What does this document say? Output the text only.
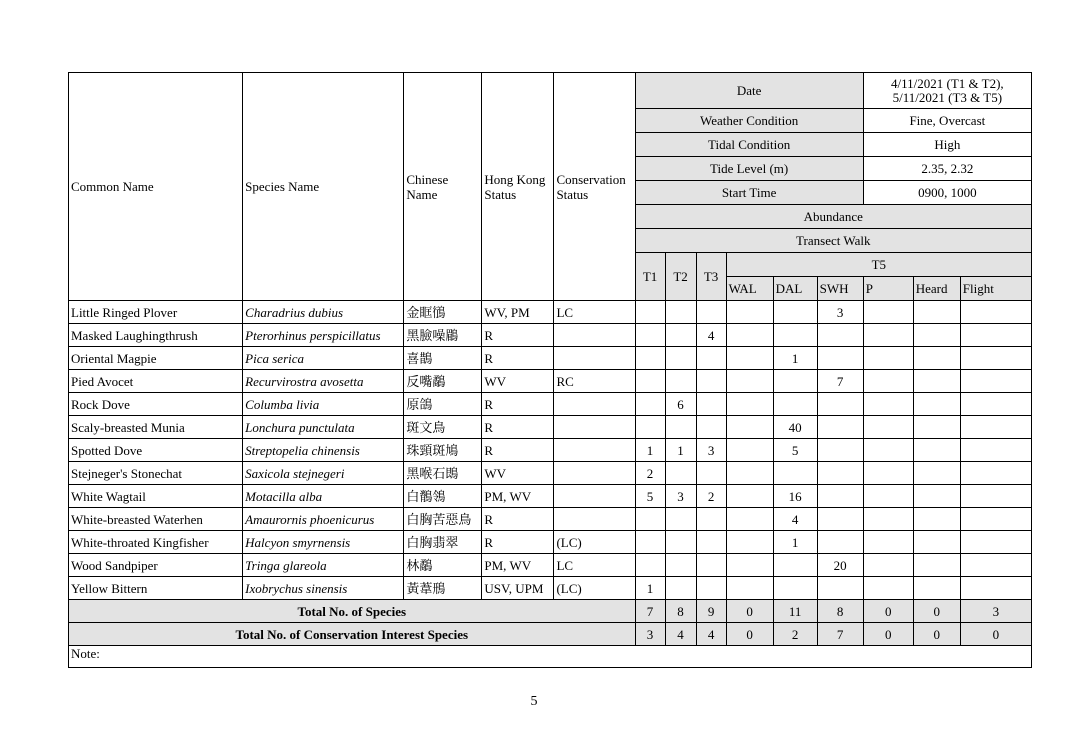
Common Name	Species Name	Chinese Name	Hong Kong Status	Conservation Status	Date						4/11/2021 (T1 & T2), 5/11/2021 (T3 & T5)		
					Weather Condition						Fine, Overcast		
					Tidal Condition						High		
					Tide Level (m)						2.35, 2.32		
					Start Time						0900, 1000		
					Abundance								
					Transect Walk								
					T1	T2	T3	T5					
								WAL	DAL	SWH	P	Heard	Flight
Little Ringed Plover	Charadrius dubius	金眶鴴	WV, PM	LC						3			
Masked Laughingthrush	Pterorhinus perspicillatus	黑臉噪鶥	R				4						
Oriental Magpie	Pica serica	喜鵲	R						1				
Pied Avocet	Recurvirostra avosetta	反嘴鷸	WV	RC						7			
Rock Dove	Columba livia	原鴿	R			6							
Scaly-breasted Munia	Lonchura punctulata	斑文鳥	R						40				
Spotted Dove	Streptopelia chinensis	珠頸斑鳩	R		1	1	3		5				
Stejneger's Stonechat	Saxicola stejnegeri	黑喉石鵖	WV		2								
White Wagtail	Motacilla alba	白鶺鴒	PM, WV		5	3	2		16				
White-breasted Waterhen	Amaurornis phoenicurus	白胸苦惡鳥	R						4				
White-throated Kingfisher	Halcyon smyrnensis	白胸翡翠	R	(LC)					1				
Wood Sandpiper	Tringa glareola	林鷸	PM, WV	LC						20			
Yellow Bittern	Ixobrychus sinensis	黃葦鳽	USV, UPM	(LC)	1								
Total No. of Species					7	8	9	0	11	8	0	0	3
Total No. of Conservation Interest Species					3	4	4	0	2	7	0	0	0
Note:													
5
